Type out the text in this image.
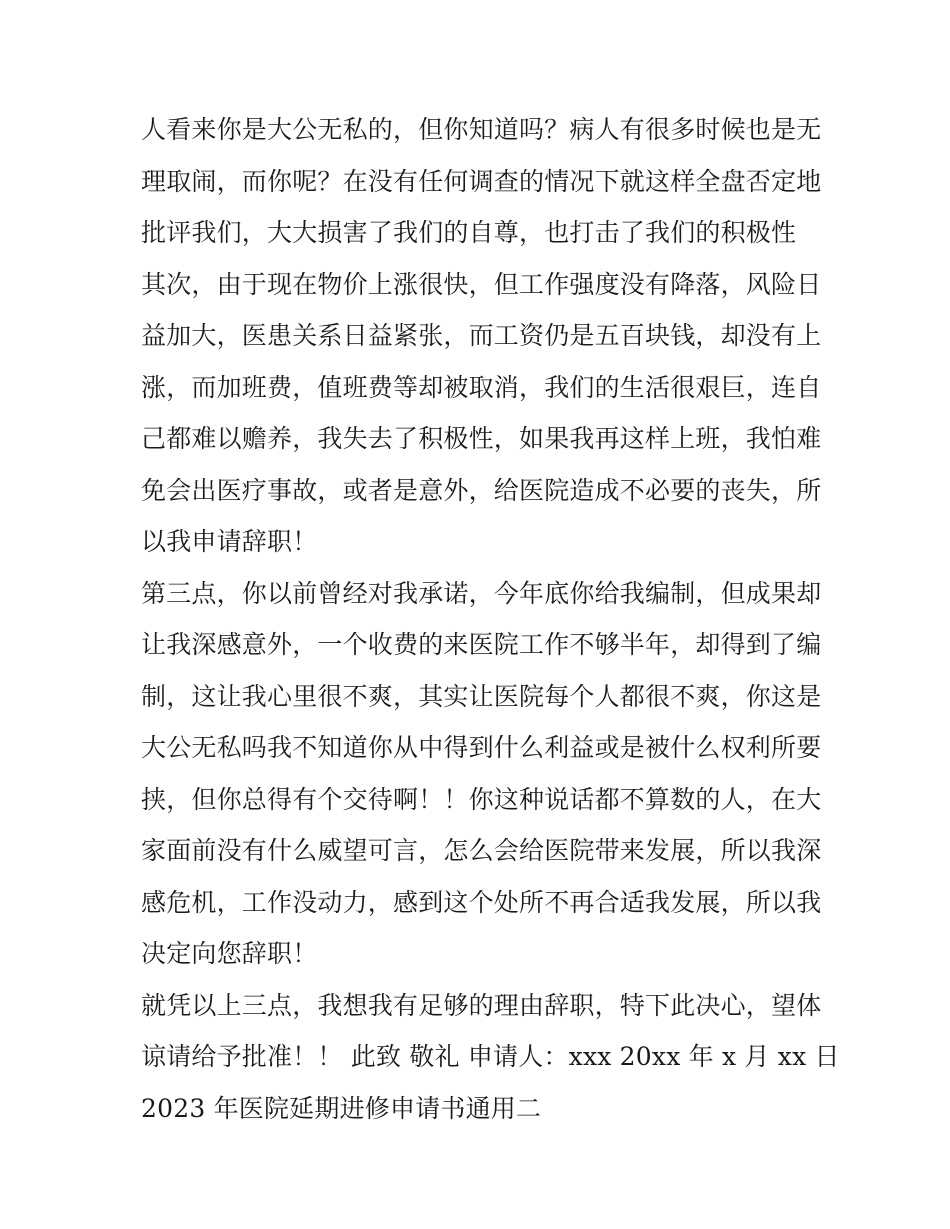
人看来你是大公无私的，但你知道吗？病人有很多时候也是无
理取闹，而你呢？在没有任何调查的情况下就这样全盘否定地
批评我们，大大损害了我们的自尊，也打击了我们的积极性
其次，由于现在物价上涨很快，但工作强度没有降落，风险日
益加大，医患关系日益紧张，而工资仍是五百块钱，却没有上
涨，而加班费，值班费等却被取消，我们的生活很艰巨，连自
己都难以赡养，我失去了积极性，如果我再这样上班，我怕难
免会出医疗事故，或者是意外，给医院造成不必要的丧失，所
以我申请辞职！
第三点，你以前曾经对我承诺，今年底你给我编制，但成果却
让我深感意外，一个收费的来医院工作不够半年，却得到了编
制，这让我心里很不爽，其实让医院每个人都很不爽，你这是
大公无私吗我不知道你从中得到什么利益或是被什么权利所要
挟，但你总得有个交待啊！！你这种说话都不算数的人，在大
家面前没有什么威望可言，怎么会给医院带来发展，所以我深
感危机，工作没动力，感到这个处所不再合适我发展，所以我
决定向您辞职！
就凭以上三点，我想我有足够的理由辞职，特下此决心，望体
谅请给予批准！！ 此致 敬礼 申请人：xxx 20xx 年 x 月 xx 日
2023 年医院延期进修申请书通用二
